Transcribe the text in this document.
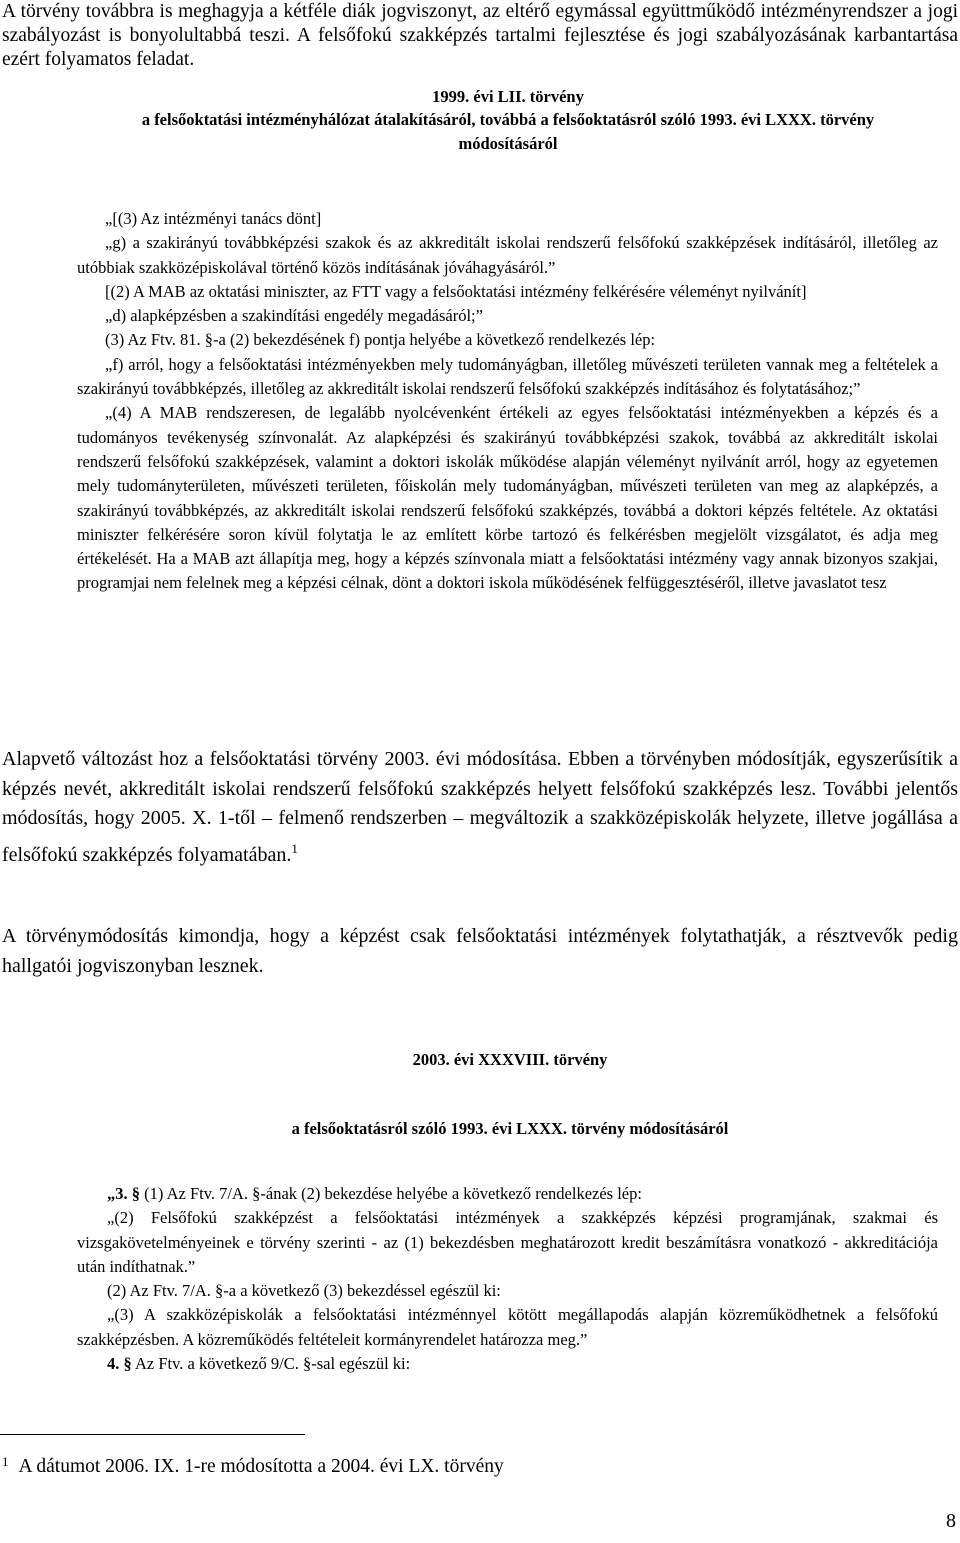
A törvény továbbra is meghagyja a kétféle diák jogviszonyt, az eltérő egymással együttműködő intézményrendszer a jogi szabályozást is bonyolultabbá teszi. A felsőfokú szakképzés tartalmi fejlesztése és jogi szabályozásának karbantartása ezért folyamatos feladat.

1999. évi LII. törvény

a felsőoktatási intézményhálózat átalakításáról, továbbá a felsőoktatásról szóló 1993. évi LXXX. törvény módosításáról

„[(3) Az intézményi tanács dönt]

„g) a szakirányú továbbképzési szakok és az akkreditált iskolai rendszerű felsőfokú szakképzések indításáról, illetőleg az utóbbiak szakközépiskolával történő közös indításának jóváhagyásáról.”

[(2) A MAB az oktatási miniszter, az FTT vagy a felsőoktatási intézmény felkérésére véleményt nyilvánít]

„d) alapképzésben a szakindítási engedély megadásáról;”

(3) Az Ftv. 81. §-a (2) bekezdésének f) pontja helyébe a következő rendelkezés lép:

„f) arról, hogy a felsőoktatási intézményekben mely tudományágban, illetőleg művészeti területen vannak meg a feltételek a szakirányú továbbképzés, illetőleg az akkreditált iskolai rendszerű felsőfokú szakképzés indításához és folytatásához;”

„(4) A MAB rendszeresen, de legalább nyolcévenként értékeli az egyes felsőoktatási intézményekben a képzés és a tudományos tevékenység színvonalát. Az alapképzési és szakirányú továbbképzési szakok, továbbá az akkreditált iskolai rendszerű felsőfokú szakképzések, valamint a doktori iskolák működése alapján véleményt nyilvánít arról, hogy az egyetemen mely tudományterületen, művészeti területen, főiskolán mely tudományágban, művészeti területen van meg az alapképzés, a szakirányú továbbképzés, az akkreditált iskolai rendszerű felsőfokú szakképzés, továbbá a doktori képzés feltétele. Az oktatási miniszter felkérésére soron kívül folytatja le az említett körbe tartozó és felkérésben megjelölt vizsgálatot, és adja meg értékelését. Ha a MAB azt állapítja meg, hogy a képzés színvonala miatt a felsőoktatási intézmény vagy annak bizonyos szakjai, programjai nem felelnek meg a képzési célnak, dönt a doktori iskola működésének felfüggesztéséről, illetve javaslatot tesz

Alapvető változást hoz a felsőoktatási törvény 2003. évi módosítása. Ebben a törvényben módosítják, egyszerűsítik a képzés nevét, akkreditált iskolai rendszerű felsőfokú szakképzés helyett felsőfokú szakképzés lesz. További jelentős módosítás, hogy 2005. X. 1-től – felmenő rendszerben – megváltozik a szakközépiskolák helyzete, illetve jogállása a felsőfokú szakképzés folyamatában.$^1$

A törvénymódosítás kimondja, hogy a képzést csak felsőoktatási intézmények folytathatják, a résztvevők pedig hallgatói jogviszonyban lesznek.

2003. évi XXXVIII. törvény

a felsőoktatásról szóló 1993. évi LXXX. törvény módosításáról

„3. § (1) Az Ftv. 7/A. §-ának (2) bekezdése helyébe a következő rendelkezés lép:

„(2) Felsőfokú szakképzést a felsőoktatási intézmények a szakképzés képzési programjának, szakmai és vizsgakövetelményeinek e törvény szerinti - az (1) bekezdésben meghatározott kredit beszámításra vonatkozó - akkreditációja után indíthatnak.”

(2) Az Ftv. 7/A. §-a a következő (3) bekezdéssel egészül ki:

„(3) A szakközépiskolák a felsőoktatási intézménnyel kötött megállapodás alapján közreműködhetnek a felsőfokú szakképzésben. A közreműködés feltételeit kormányrendelet határozza meg.”

4. § Az Ftv. a következő 9/C. §-sal egészül ki:

$^1$ A dátumot 2006. IX. 1-re módosította a 2004. évi LX. törvény

8
